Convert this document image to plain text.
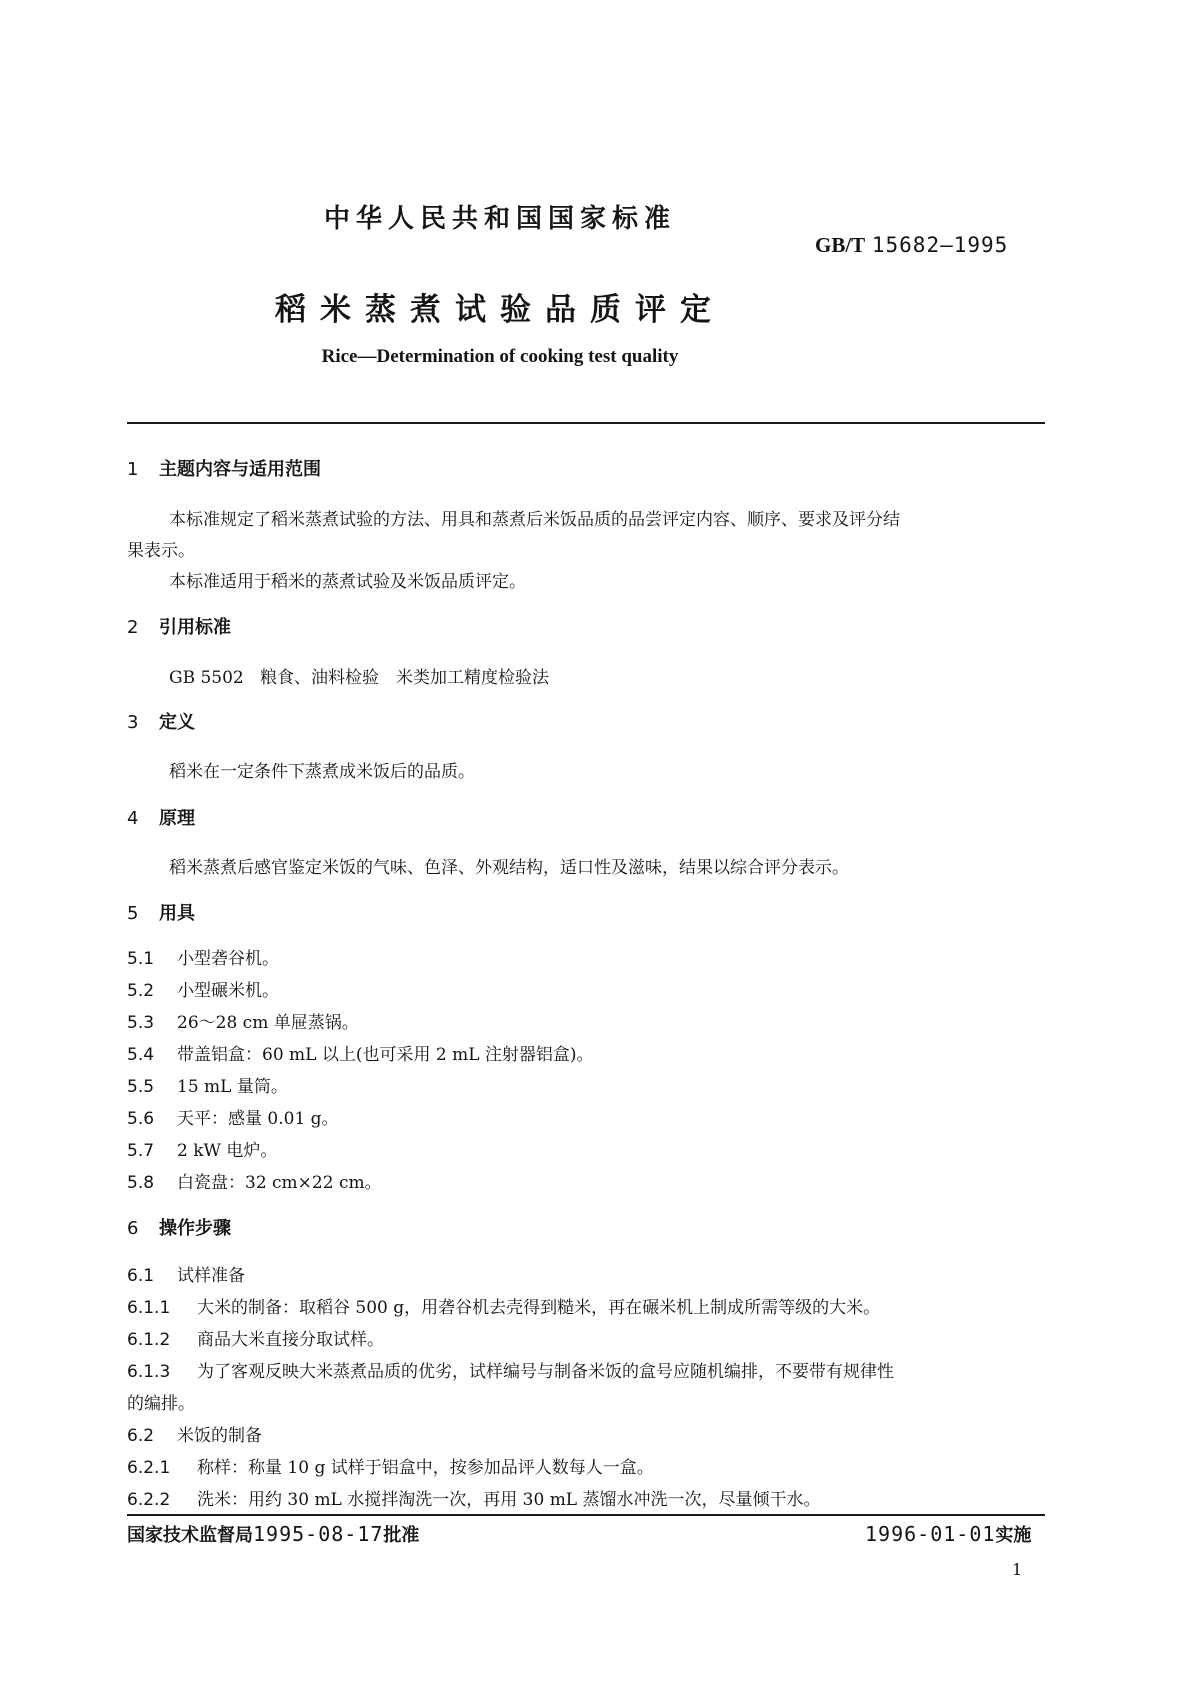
中华人民共和国国家标准
GB/T 15682—1995
稻米蒸煮试验品质评定
Rice—Determination of cooking test quality
1 主题内容与适用范围
本标准规定了稻米蒸煮试验的方法、用具和蒸煮后米饭品质的品尝评定内容、顺序、要求及评分结
果表示。
本标准适用于稻米的蒸煮试验及米饭品质评定。
2 引用标准
GB 5502 粮食、油料检验　米类加工精度检验法
3 定义
稻米在一定条件下蒸煮成米饭后的品质。
4 原理
稻米蒸煮后感官鉴定米饭的气味、色泽、外观结构，适口性及滋味，结果以综合评分表示。
5 用具
5.1 小型砻谷机。
5.2 小型碾米机。
5.3 26～28 cm 单屉蒸锅。
5.4 带盖铝盒：60 mL 以上(也可采用 2 mL 注射器铝盒)。
5.5 15 mL 量筒。
5.6 天平：感量 0.01 g。
5.7 2 kW 电炉。
5.8 白瓷盘：32 cm×22 cm。
6 操作步骤
6.1 试样准备
6.1.1 大米的制备：取稻谷 500 g，用砻谷机去壳得到糙米，再在碾米机上制成所需等级的大米。
6.1.2 商品大米直接分取试样。
6.1.3 为了客观反映大米蒸煮品质的优劣，试样编号与制备米饭的盒号应随机编排，不要带有规律性
的编排。
6.2 米饭的制备
6.2.1 称样：称量 10 g 试样于铝盒中，按参加品评人数每人一盒。
6.2.2 洗米：用约 30 mL 水搅拌淘洗一次，再用 30 mL 蒸馏水冲洗一次，尽量倾干水。
国家技术监督局1995-08-17批准	1996-01-01实施
1
